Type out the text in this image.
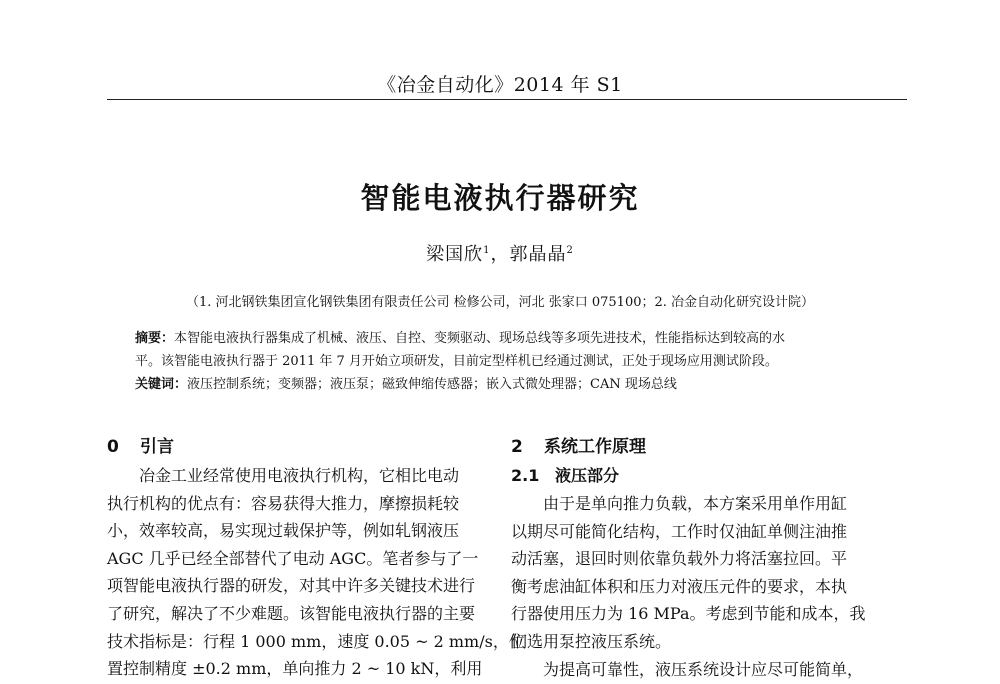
《冶金自动化》2014 年 S1
智能电液执行器研究
梁国欣$^1$，郭晶晶$^2$
（1. 河北钢铁集团宣化钢铁集团有限责任公司 检修公司，河北 张家口 075100；2. 冶金自动化研究设计院）
摘要：本智能电液执行器集成了机械、液压、自控、变频驱动、现场总线等多项先进技术，性能指标达到较高的水
平。该智能电液执行器于 2011 年 7 月开始立项研发，目前定型样机已经通过测试，正处于现场应用测试阶段。
关键词：液压控制系统；变频器；液压泵；磁致伸缩传感器；嵌入式微处理器；CAN 现场总线
0 引言
冶金工业经常使用电液执行机构，它相比电动
执行机构的优点有：容易获得大推力，摩擦损耗较
小，效率较高，易实现过载保护等，例如轧钢液压
AGC 几乎已经全部替代了电动 AGC。笔者参与了一
项智能电液执行器的研发，对其中许多关键技术进行
了研究，解决了不少难题。该智能电液执行器的主要
技术指标是：行程 1 000 mm，速度 0.05 ~ 2 mm/s，位
置控制精度 ±0.2 mm，单向推力 2 ~ 10 kN，利用
2 系统工作原理
2.1 液压部分
由于是单向推力负载，本方案采用单作用缸
以期尽可能简化结构，工作时仅油缸单侧注油推
动活塞，退回时则依靠负载外力将活塞拉回。平
衡考虑油缸体积和压力对液压元件的要求，本执
行器使用压力为 16 MPa。考虑到节能和成本，我
们选用泵控液压系统。
为提高可靠性，液压系统设计应尽可能简单，
